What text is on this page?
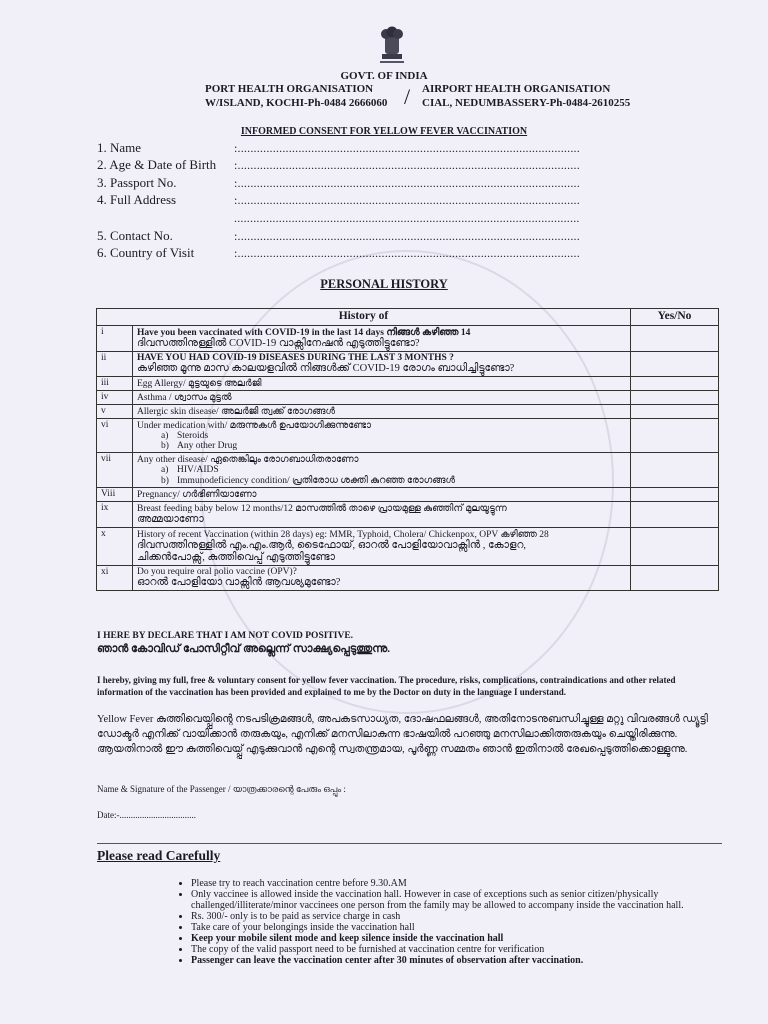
GOVT. OF INDIA
PORT HEALTH ORGANISATION
W/ISLAND, KOCHI-Ph-0484 2666060 / AIRPORT HEALTH ORGANISATION
CIAL, NEDUMBASSERY-Ph-0484-2610255
INFORMED CONSENT FOR YELLOW FEVER VACCINATION
1. Name	:...........................................................................................................
2. Age & Date of Birth :...........................................................................................................
3. Passport No.	:...........................................................................................................
4. Full Address	:...........................................................................................................
............................................................................................................
5. Contact No.	:...........................................................................................................
6. Country of Visit	:...........................................................................................................
PERSONAL HISTORY
History of		Yes/No
i	Have you been vaccinated with COVID-19 in the last 14 days നിങ്ങൾ കഴിഞ്ഞ 14
ദിവസത്തിനുള്ളിൽ COVID-19 വാക്സിനേഷൻ എടുത്തിട്ടുണ്ടോ?	

ii	HAVE YOU HAD COVID-19 DISEASES DURING THE LAST 3 MONTHS ?
കഴിഞ്ഞ മൂന്നു മാസ കാലയളവിൽ നിങ്ങൾക്ക് COVID-19 രോഗം ബാധിച്ചിട്ടുണ്ടോ?	

iii	Egg Allergy/ മുട്ടയുടെ അലർജി	
iv	Asthma / ശ്വാസം മുട്ടൽ	
v	Allergic skin disease/ അലർജി ത്വക്ക് രോഗങ്ങൾ	
vi	Under medication with/ മരുന്നുകൾ ഉപയോഗിക്കുന്നുണ്ടോ
a) Steroids
b) Any other Drug	

vii	Any other disease/ ഏതെങ്കിലും രോഗബാധിതരാണോ
a) HIV/AIDS
b) Immunodeficiency condition/ പ്രതിരോധ ശക്തി കുറഞ്ഞ രോഗങ്ങൾ	

Viii	Pregnancy/ ഗർഭിണിയാണോ	
ix	Breast feeding baby below 12 months/12 മാസത്തിൽ താഴെ പ്രായമുള്ള കുഞ്ഞിന് മുലയൂട്ടുന്ന
അമ്മയാണോ	

x	History of recent Vaccination (within 28 days) eg: MMR, Typhoid, Cholera/ Chickenpox, OPV കഴിഞ്ഞ 28
ദിവസത്തിനുള്ളിൽ എം.എം.ആർ, ടൈഫോയ്, ഓറൽ പോളിയോവാക്സിൻ , കോളറ,
ചിക്കൻപോക്സ്, കുത്തിവെപ്പ് എടുത്തിട്ടുണ്ടോ	

xi	Do you require oral polio vaccine (OPV)?
ഓറൽ പോളിയോ വാക്സിൻ ആവശ്യമുണ്ടോ?	

I HERE BY DECLARE THAT I AM NOT COVID POSITIVE.
ഞാൻ കോവിഡ് പോസിറ്റീവ് അല്ലെന്ന് സാക്ഷ്യപ്പെടുത്തുന്നു.
I hereby, giving my full, free & voluntary consent for yellow fever vaccination. The procedure, risks, complications, contraindications and other related information of the vaccination has been provided and explained to me by the Doctor on duty in the language I understand.
Yellow Fever കുത്തിവെയ്പ്പിന്റെ നടപടിക്രമങ്ങൾ, അപകടസാധ്യത, ദോഷഫലങ്ങൾ, അതിനോടനുബന്ധിച്ചുള്ള മറ്റു വിവരങ്ങൾ ഡ്യൂട്ടി ഡോക്ടർ എനിക്ക് വായിക്കാൻ തരുകയും, എനിക്ക് മനസിലാകുന്ന ഭാഷയിൽ പറഞ്ഞു മനസിലാക്കിത്തരുകയും ചെയ്തിരിക്കുന്നു. ആയതിനാൽ ഈ കുത്തിവെയ്പ്പ് എടുക്കുവാൻ എന്റെ സ്വതന്ത്രമായ, പൂർണ്ണ സമ്മതം ഞാൻ ഇതിനാൽ രേഖപ്പെടുത്തിക്കൊള്ളുന്നു.
Name & Signature of the Passenger / യാത്രക്കാരന്റെ പേരും ഒപ്പും :
Date:-..................................
Please read Carefully
• Please try to reach vaccination centre before 9.30.AM
• Only vaccinee is allowed inside the vaccination hall. However in case of exceptions such as senior citizen/physically challenged/illiterate/minor vaccinees one person from the family may be allowed to accompany inside the vaccination hall.
• Rs. 300/- only is to be paid as service charge in cash
• Take care of your belongings inside the vaccination hall
• Keep your mobile silent mode and keep silence inside the vaccination hall
• The copy of the valid passport need to be furnished at vaccination centre for verification
• Passenger can leave the vaccination center after 30 minutes of observation after vaccination.
